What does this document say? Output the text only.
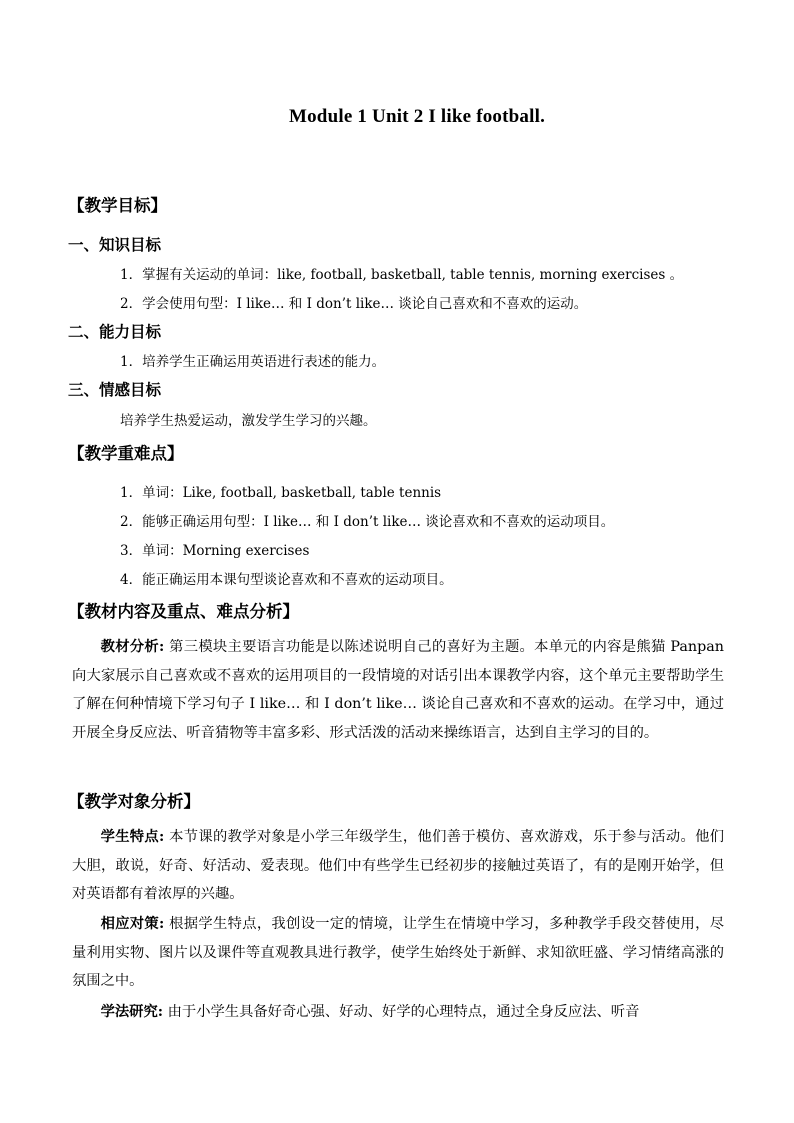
Module 1 Unit 2 I like football.
【教学目标】
一、知识目标
1．掌握有关运动的单词：like, football, basketball, table tennis, morning exercises 。
2．学会使用句型：I like… 和 I don’t like… 谈论自己喜欢和不喜欢的运动。
二、能力目标
1．培养学生正确运用英语进行表述的能力。
三、情感目标
培养学生热爱运动，激发学生学习的兴趣。
【教学重难点】
1．单词：Like, football, basketball, table tennis
2．能够正确运用句型：I like… 和 I don’t like… 谈论喜欢和不喜欢的运动项目。
3．单词：Morning exercises
4．能正确运用本课句型谈论喜欢和不喜欢的运动项目。
【教材内容及重点、难点分析】
教材分析: 第三模块主要语言功能是以陈述说明自己的喜好为主题。本单元的内容是熊猫 Panpan 向大家展示自己喜欢或不喜欢的运用项目的一段情境的对话引出本课教学内容，这个单元主要帮助学生了解在何种情境下学习句子 I like… 和 I don’t like… 谈论自己喜欢和不喜欢的运动。在学习中，通过开展全身反应法、听音猜物等丰富多彩、形式活泼的活动来操练语言，达到自主学习的目的。
【教学对象分析】
学生特点: 本节课的教学对象是小学三年级学生，他们善于模仿、喜欢游戏，乐于参与活动。他们大胆，敢说，好奇、好活动、爱表现。他们中有些学生已经初步的接触过英语了，有的是刚开始学，但对英语都有着浓厚的兴趣。
相应对策: 根据学生特点，我创设一定的情境，让学生在情境中学习，多种教学手段交替使用，尽量利用实物、图片以及课件等直观教具进行教学，使学生始终处于新鲜、求知欲旺盛、学习情绪高涨的氛围之中。
学法研究: 由于小学生具备好奇心强、好动、好学的心理特点，通过全身反应法、听音
